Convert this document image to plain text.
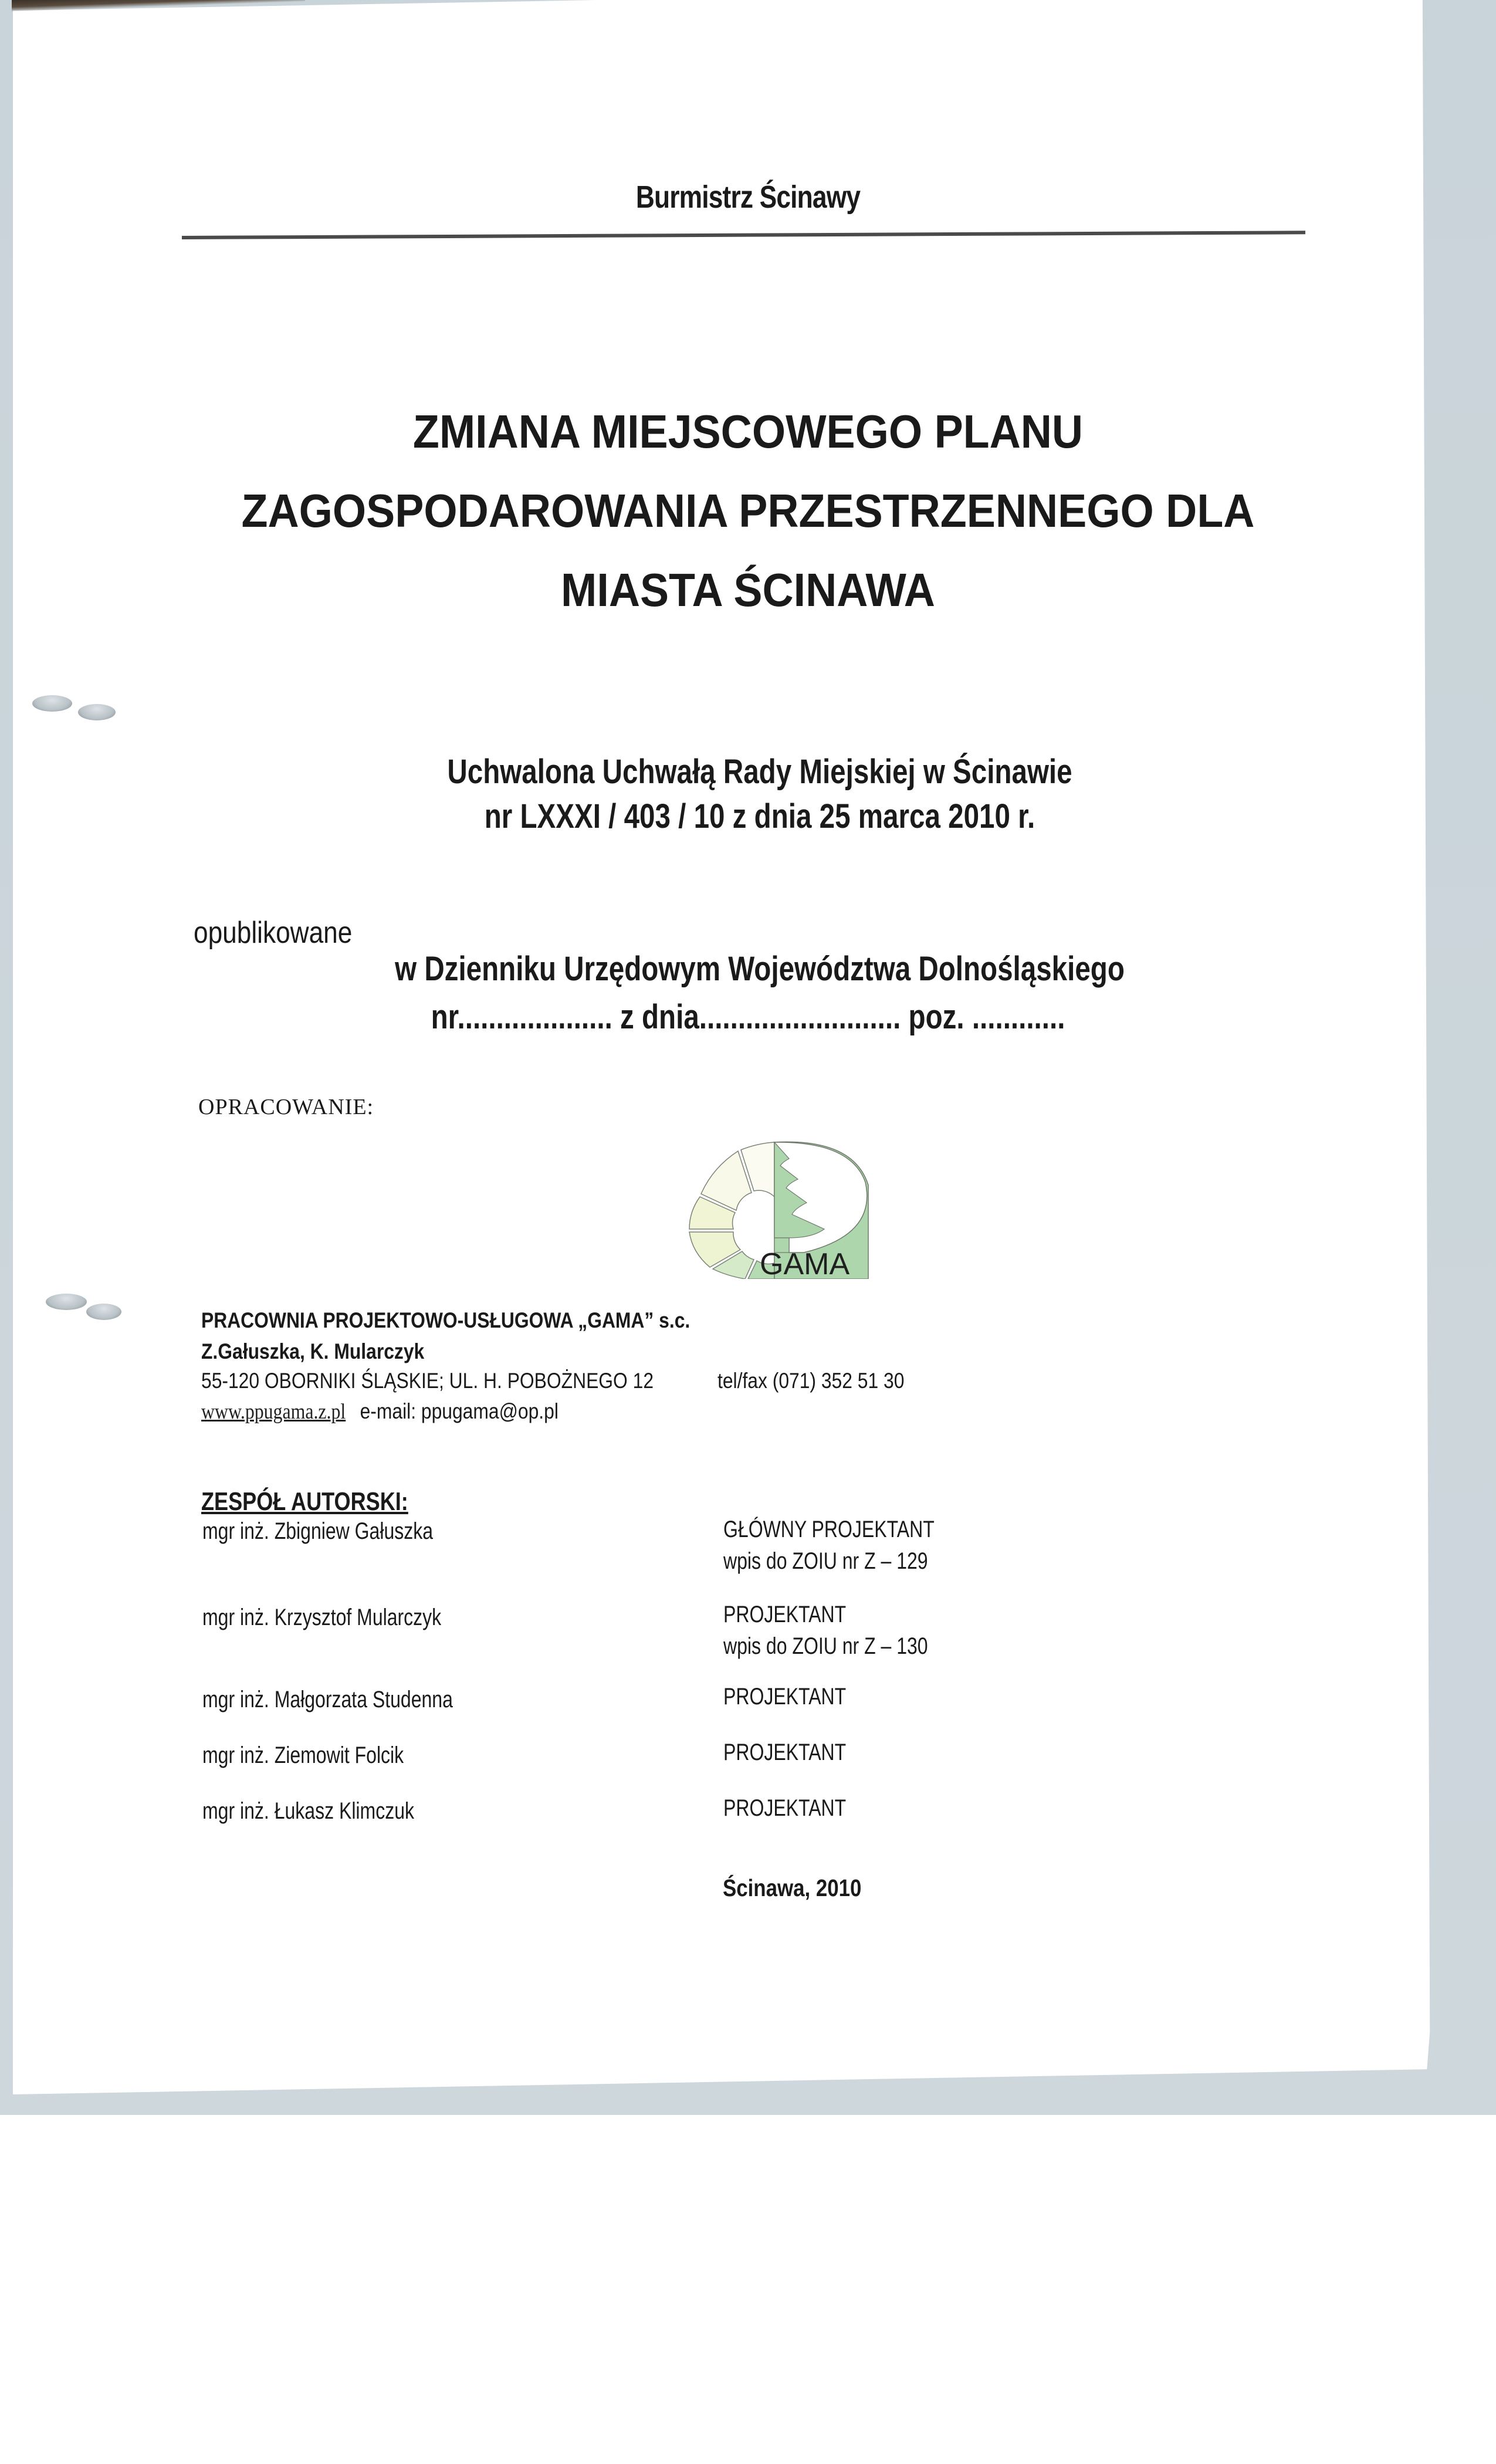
Burmistrz Ścinawy
ZMIANA MIEJSCOWEGO PLANU
ZAGOSPODAROWANIA PRZESTRZENNEGO DLA
MIASTA ŚCINAWA
Uchwalona Uchwałą Rady Miejskiej w Ścinawie
nr LXXXI / 403 / 10 z dnia 25 marca 2010 r.
opublikowane
w Dzienniku Urzędowym Województwa Dolnośląskiego
nr.................... z dnia.......................... poz. ............
OPRACOWANIE:
GAMA
PRACOWNIA PROJEKTOWO-USŁUGOWA „GAMA” s.c.
Z.Gałuszka, K. Mularczyk
55-120 OBORNIKI ŚLĄSKIE; UL. H. POBOŻNEGO 12	tel/fax (071) 352 51 30
www.ppugama.z.pl e-mail: ppugama@op.pl
ZESPÓŁ AUTORSKI:
mgr inż. Zbigniew Gałuszka	GŁÓWNY PROJEKTANT
wpis do ZOIU nr Z – 129
mgr inż. Krzysztof Mularczyk	PROJEKTANT
wpis do ZOIU nr Z – 130
mgr inż. Małgorzata Studenna	PROJEKTANT
mgr inż. Ziemowit Folcik	PROJEKTANT
mgr inż. Łukasz Klimczuk	PROJEKTANT
Ścinawa, 2010
